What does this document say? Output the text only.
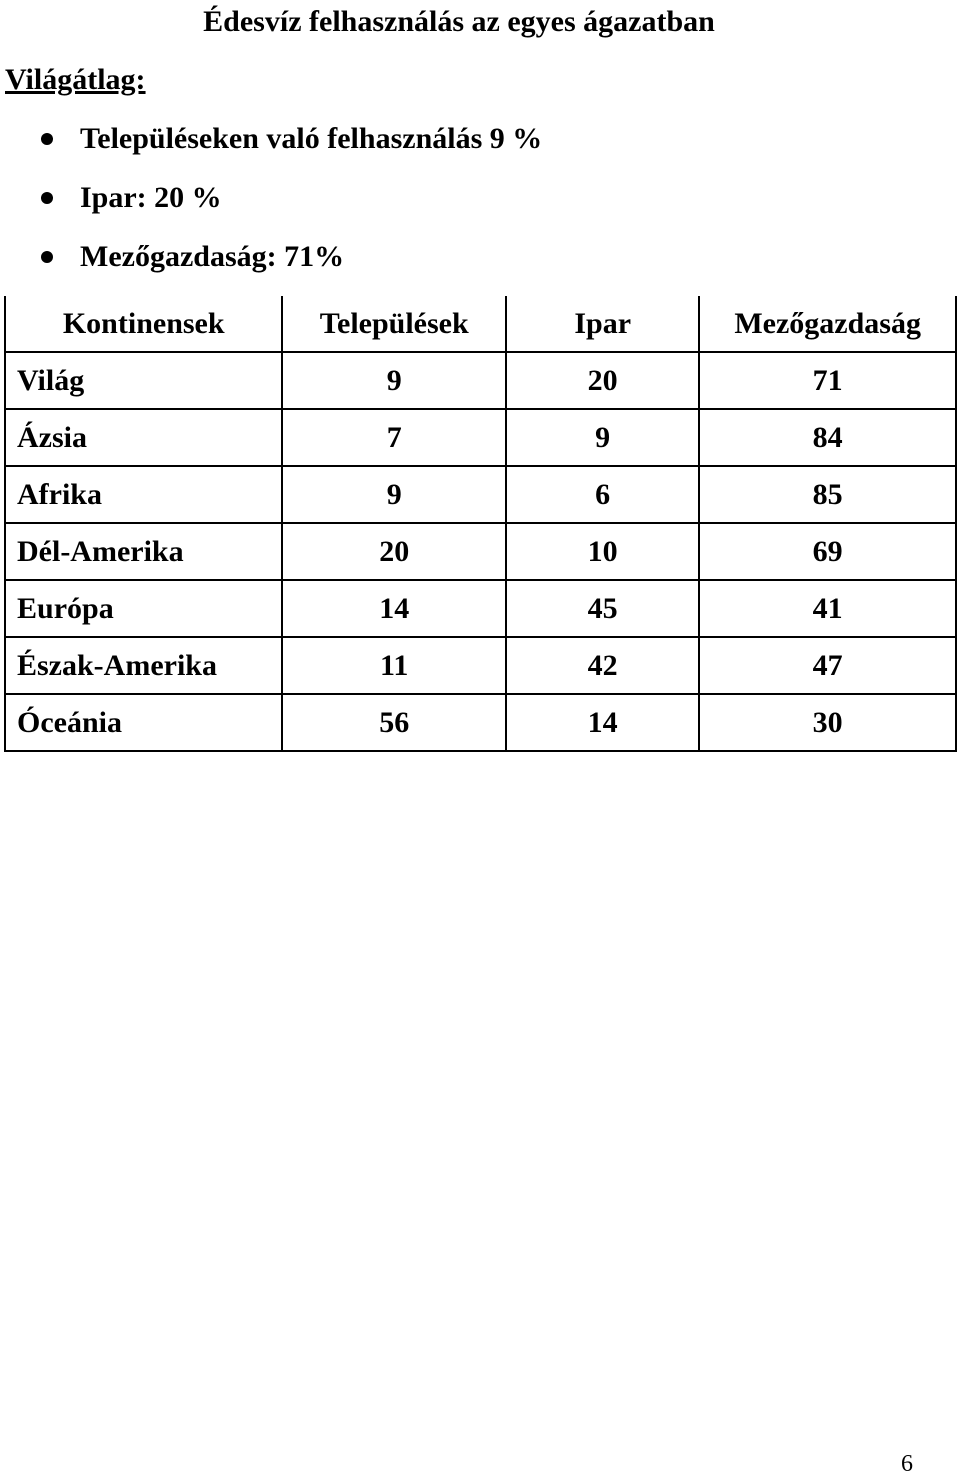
Édesvíz felhasználás az egyes ágazatban
Világátlag:
Településeken való felhasználás 9 %
Ipar: 20 %
Mezőgazdaság: 71%
Kontinensek	Települések	Ipar	Mezőgazdaság
Világ	9	20	71
Ázsia	7	9	84
Afrika	9	6	85
Dél-Amerika	20	10	69
Európa	14	45	41
Észak-Amerika	11	42	47
Óceánia	56	14	30
6
